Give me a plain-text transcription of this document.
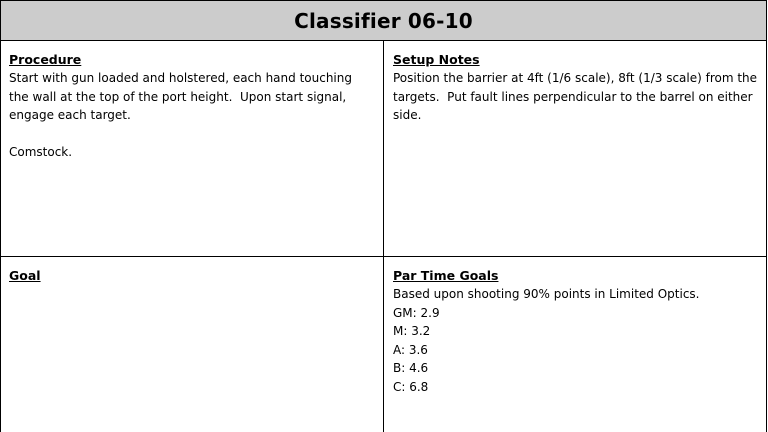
Classifier 06-10
Procedure
Start with gun loaded and holstered, each hand touching the wall at the top of the port height.  Upon start signal, engage each target.

Comstock.
Setup Notes
Position the barrier at 4ft (1/6 scale), 8ft (1/3 scale) from the targets.  Put fault lines perpendicular to the barrel on either side.
Goal	Par Time Goals
Based upon shooting 90% points in Limited Optics.
GM: 2.9
M: 3.2
A: 3.6
B: 4.6
C: 6.8
